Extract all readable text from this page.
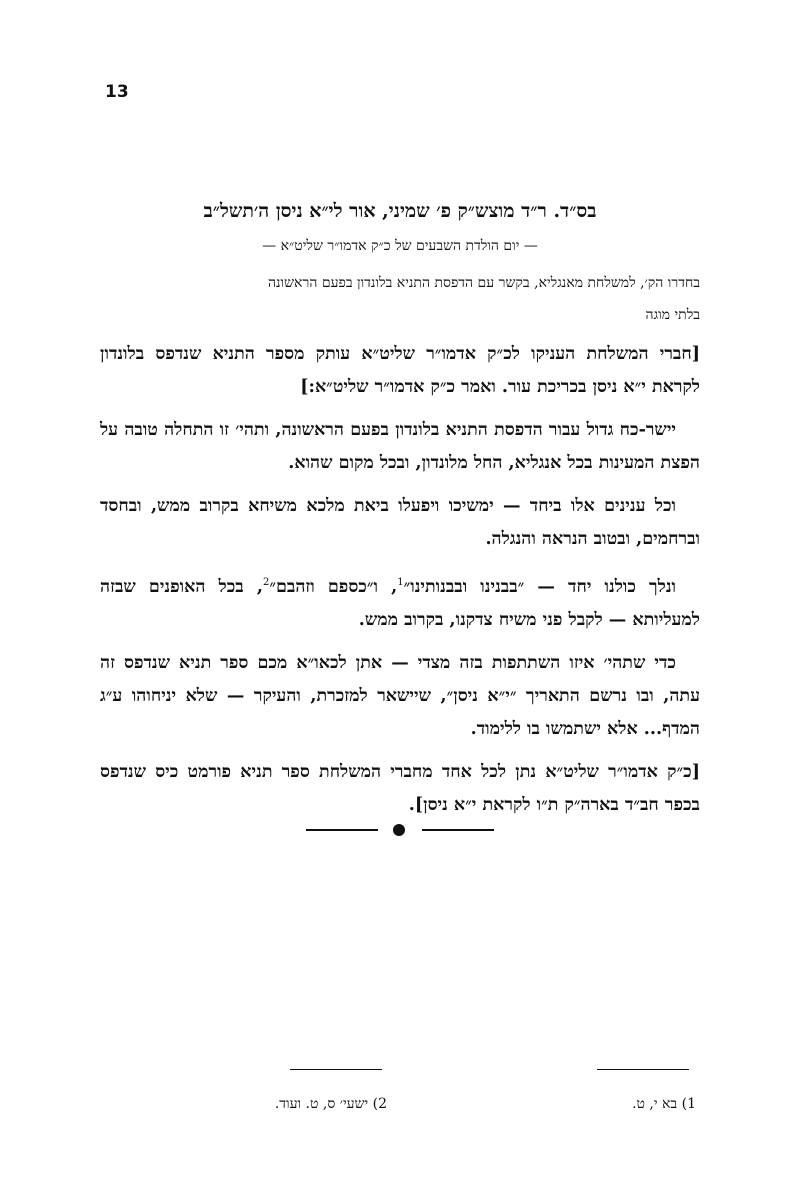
13
בס״ד. ר״ד מוצש״ק פ׳ שמיני, אור לי״א ניסן ה׳תשל״ב
— יום הולדת השבעים של כ״ק אדמו״ר שליט״א —
בחדרו הק׳, למשלחת מאנגליא, בקשר עם הדפסת התניא בלונדון בפעם הראשונה
בלתי מוגה

[חברי המשלחת העניקו לכ״ק אדמו״ר שליט״א עותק מספר התניא שנדפס בלונדון לקראת י״א ניסן בכריכת עור. ואמר כ״ק אדמו״ר שליט״א:]

יישר-כח גדול עבור הדפסת התניא בלונדון בפעם הראשונה, ותהי׳ זו התחלה טובה על הפצת המעינות בכל אנגליא, החל מלונדון, ובכל מקום שהוא.

וכל ענינים אלו ביחד — ימשיכו ויפעלו ביאת מלכא משיחא בקרוב ממש, ובחסד וברחמים, ובטוב הנראה והנגלה.

ונלך כולנו יחד — ״בבנינו ובבנותינו״$^1$, ו״כספם וזהבם״$^2$, בכל האופנים שבזה למעליותא — לקבל פני משיח צדקנו, בקרוב ממש.

כדי שתהי׳ איזו השתתפות בזה מצדי — אתן לכאו״א מכם ספר תניא שנדפס זה עתה, ובו נרשם התאריך ״י״א ניסן״, שיישאר למזכרת, והעיקר — שלא יניחוהו ע״ג המדף... אלא ישתמשו בו ללימוד.

[כ״ק אדמו״ר שליט״א נתן לכל אחד מחברי המשלחת ספר תניא פורמט כיס שנדפס בכפר חב״ד בארה״ק ת״ו לקראת י״א ניסן].

1) בא י, ט.
2) ישעי׳ ס, ט. ועוד.
